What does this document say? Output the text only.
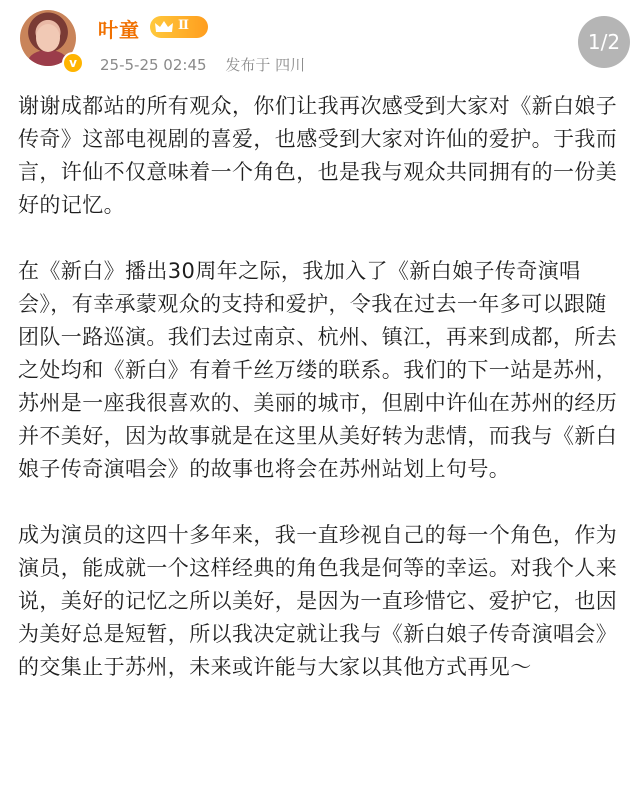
v
叶童	Ⅱ
25-5-25 02:45 发布于 四川
1/2

谢谢成都站的所有观众，你们让我再次感受到大家对《新白娘子传奇》这部电视剧的喜爱，也感受到大家对许仙的爱护。于我而言，许仙不仅意味着一个角色，也是我与观众共同拥有的一份美好的记忆。

在《新白》播出30周年之际，我加入了《新白娘子传奇演唱会》，有幸承蒙观众的支持和爱护，令我在过去一年多可以跟随团队一路巡演。我们去过南京、杭州、镇江，再来到成都，所去之处均和《新白》有着千丝万缕的联系。我们的下一站是苏州，苏州是一座我很喜欢的、美丽的城市，但剧中许仙在苏州的经历并不美好，因为故事就是在这里从美好转为悲情，而我与《新白娘子传奇演唱会》的故事也将会在苏州站划上句号。

成为演员的这四十多年来，我一直珍视自己的每一个角色，作为演员，能成就一个这样经典的角色我是何等的幸运。对我个人来说，美好的记忆之所以美好，是因为一直珍惜它、爱护它，也因为美好总是短暂，所以我决定就让我与《新白娘子传奇演唱会》的交集止于苏州，未来或许能与大家以其他方式再见～
